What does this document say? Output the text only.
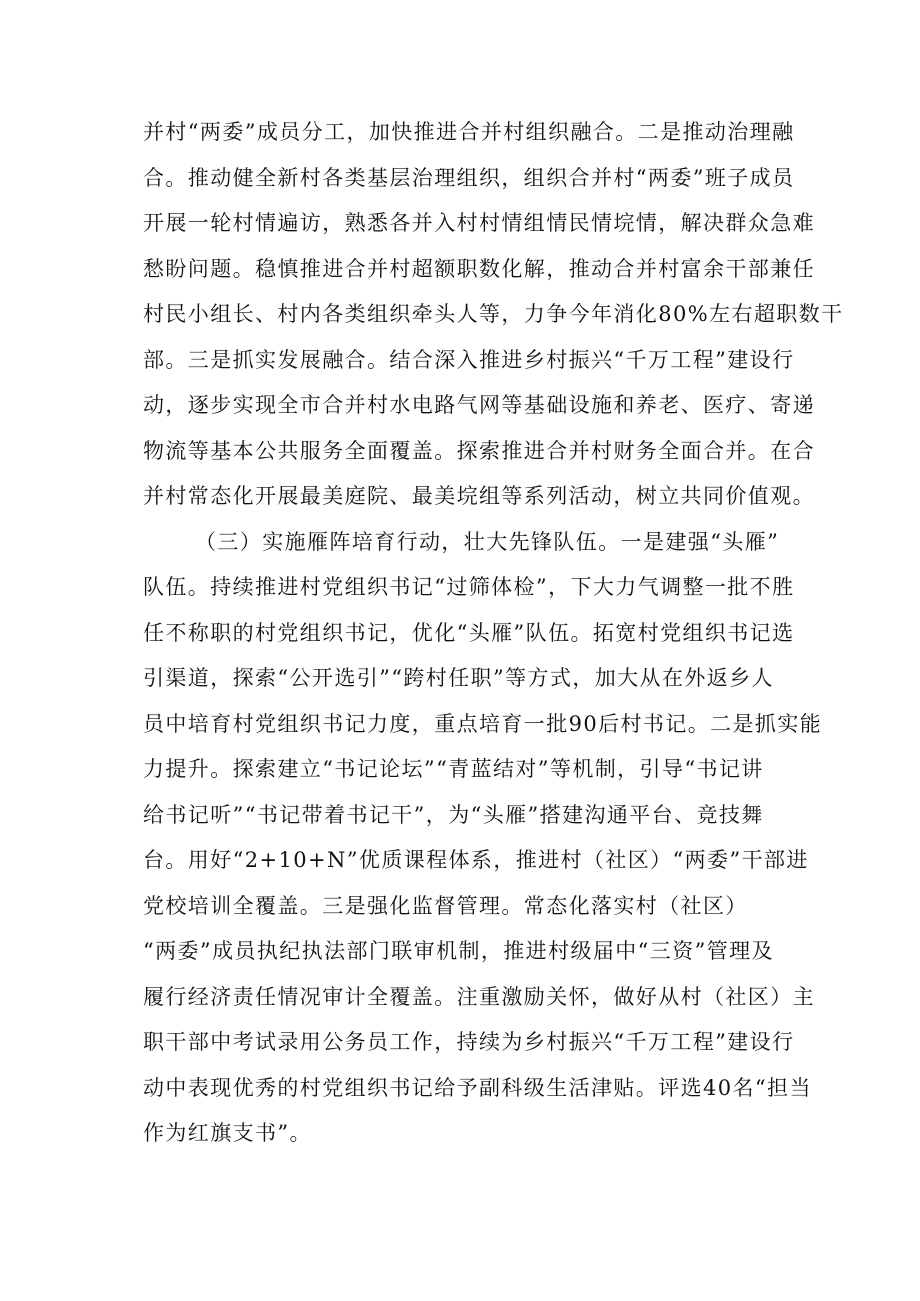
并村“两委”成员分工，加快推进合并村组织融合。二是推动治理融
合。推动健全新村各类基层治理组织，组织合并村“两委”班子成员
开展一轮村情遍访，熟悉各并入村村情组情民情垸情，解决群众急难
愁盼问题。稳慎推进合并村超额职数化解，推动合并村富余干部兼任
村民小组长、村内各类组织牵头人等，力争今年消化80%左右超职数干
部。三是抓实发展融合。结合深入推进乡村振兴“千万工程”建设行
动，逐步实现全市合并村水电路气网等基础设施和养老、医疗、寄递
物流等基本公共服务全面覆盖。探索推进合并村财务全面合并。在合
并村常态化开展最美庭院、最美垸组等系列活动，树立共同价值观。
（三）实施雁阵培育行动，壮大先锋队伍。一是建强“头雁”
队伍。持续推进村党组织书记“过筛体检”，下大力气调整一批不胜
任不称职的村党组织书记，优化“头雁”队伍。拓宽村党组织书记选
引渠道，探索“公开选引”“跨村任职”等方式，加大从在外返乡人
员中培育村党组织书记力度，重点培育一批90后村书记。二是抓实能
力提升。探索建立“书记论坛”“青蓝结对”等机制，引导“书记讲
给书记听”“书记带着书记干”，为“头雁”搭建沟通平台、竞技舞
台。用好“2+10+N”优质课程体系，推进村（社区）“两委”干部进
党校培训全覆盖。三是强化监督管理。常态化落实村（社区）
“两委”成员执纪执法部门联审机制，推进村级届中“三资”管理及
履行经济责任情况审计全覆盖。注重激励关怀，做好从村（社区）主
职干部中考试录用公务员工作，持续为乡村振兴“千万工程”建设行
动中表现优秀的村党组织书记给予副科级生活津贴。评选40名“担当
作为红旗支书”。
